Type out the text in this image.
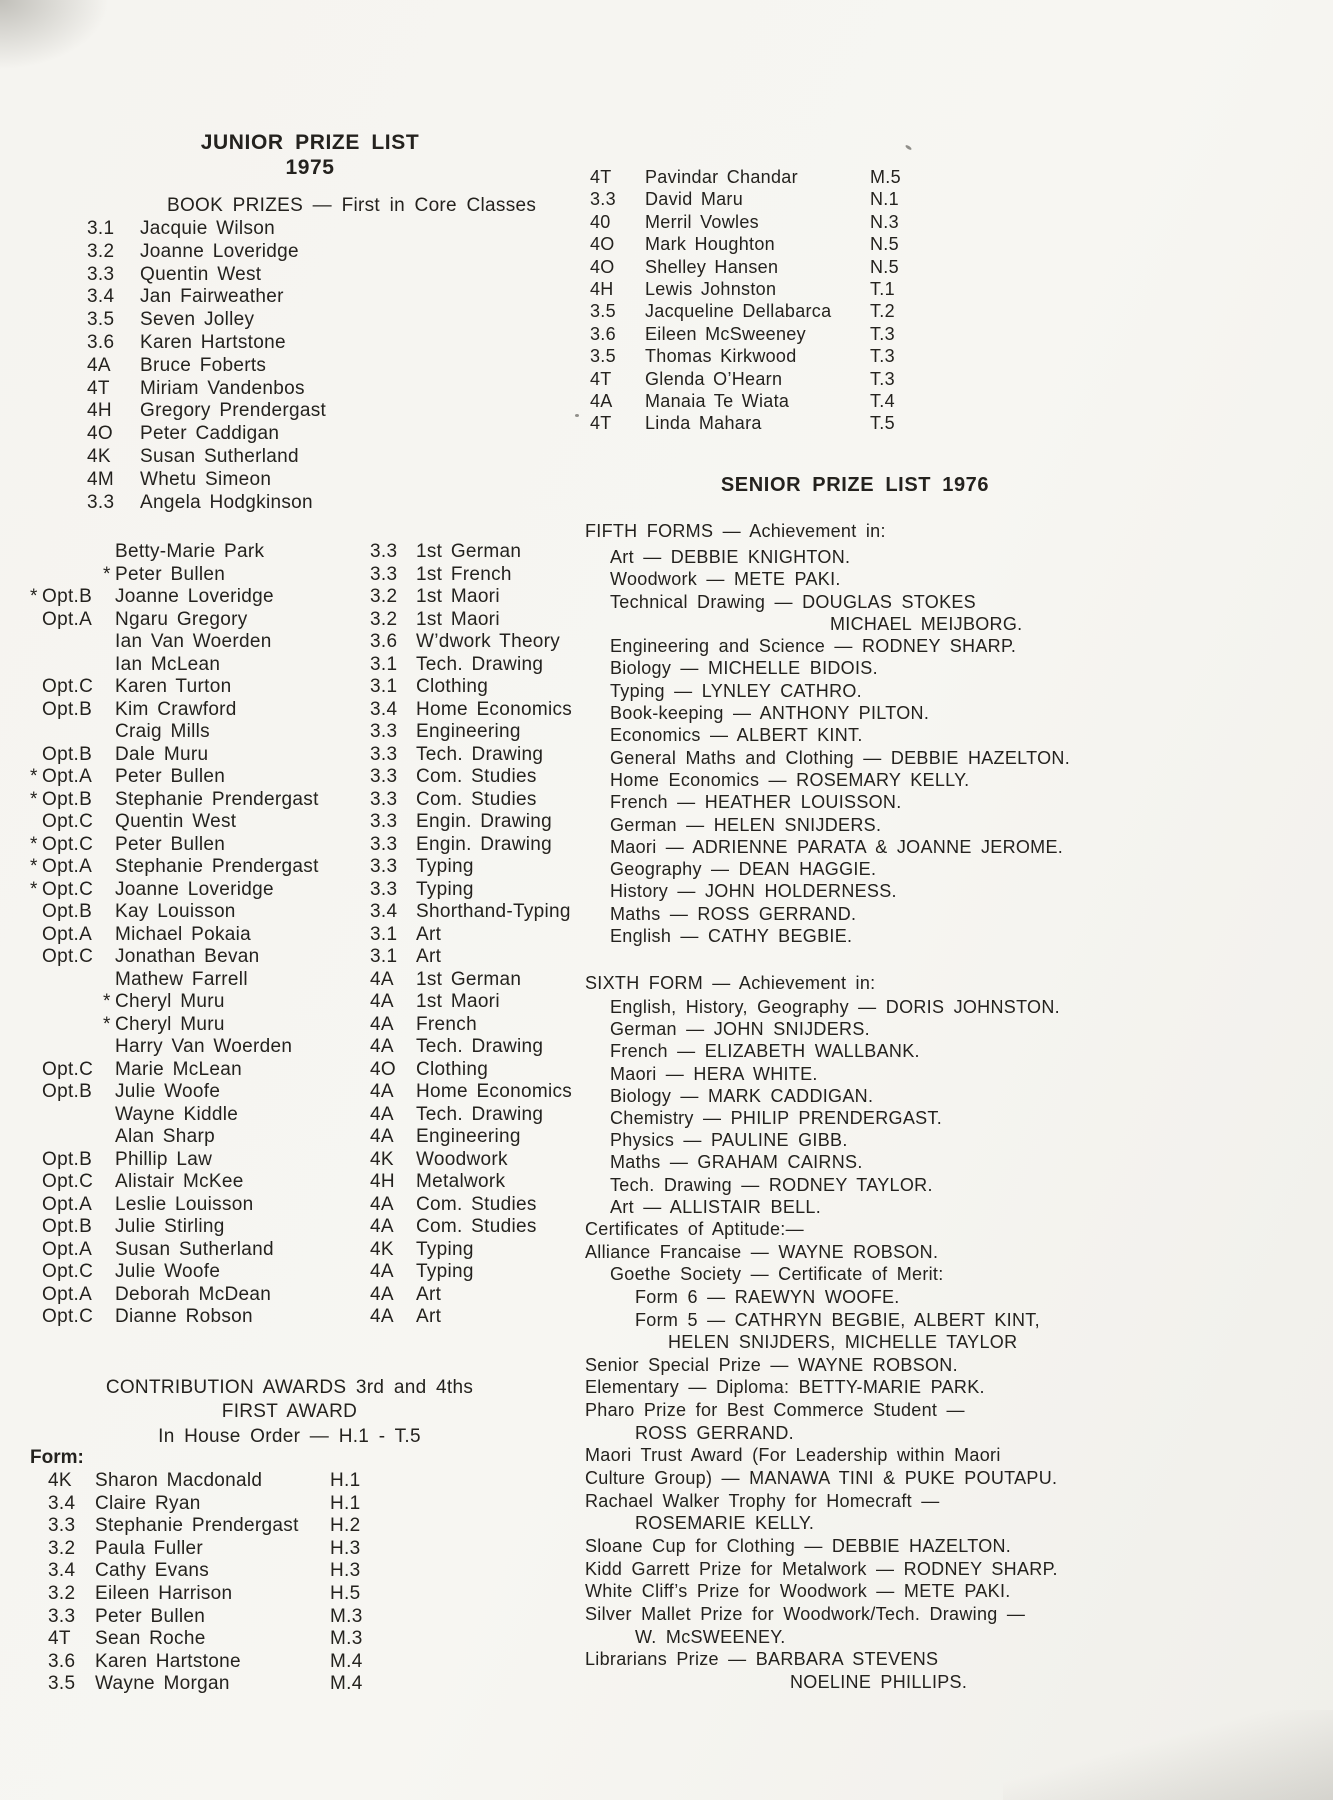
JUNIOR PRIZE LIST
1975
BOOK PRIZES — First in Core Classes
3.1	Jacquie Wilson
3.2	Joanne Loveridge
3.3	Quentin West
3.4	Jan Fairweather
3.5	Seven Jolley
3.6	Karen Hartstone
4A	Bruce Foberts
4T	Miriam Vandenbos
4H	Gregory Prendergast
4O	Peter Caddigan
4K	Susan Sutherland
4M	Whetu Simeon
3.3	Angela Hodgkinson
Betty-Marie Park	3.3 1st German
* Peter Bullen	3.3 1st French
* Opt.B	Joanne Loveridge	3.2 1st Maori
Opt.A	Ngaru Gregory	3.2 1st Maori
Ian Van Woerden	3.6 W’dwork Theory
Ian McLean	3.1 Tech. Drawing
Opt.C	Karen Turton	3.1 Clothing
Opt.B	Kim Crawford	3.4 Home Economics
Craig Mills	3.3 Engineering
Opt.B	Dale Muru	3.3 Tech. Drawing
* Opt.A	Peter Bullen	3.3 Com. Studies
* Opt.B	Stephanie Prendergast	3.3 Com. Studies
Opt.C	Quentin West	3.3 Engin. Drawing
* Opt.C	Peter Bullen	3.3 Engin. Drawing
* Opt.A	Stephanie Prendergast	3.3 Typing
* Opt.C	Joanne Loveridge	3.3 Typing
Opt.B	Kay Louisson	3.4 Shorthand-Typing
Opt.A	Michael Pokaia	3.1 Art
Opt.C	Jonathan Bevan	3.1 Art
Mathew Farrell	4A	1st German
* Cheryl Muru	4A	1st Maori
* Cheryl Muru	4A	French
Harry Van Woerden	4A	Tech. Drawing
Opt.C	Marie McLean	4O	Clothing
Opt.B	Julie Woofe	4A	Home Economics
Wayne Kiddle	4A	Tech. Drawing
Alan Sharp	4A	Engineering
Opt.B	Phillip Law	4K	Woodwork
Opt.C	Alistair McKee	4H	Metalwork
Opt.A	Leslie Louisson	4A	Com. Studies
Opt.B	Julie Stirling	4A	Com. Studies
Opt.A	Susan Sutherland	4K	Typing
Opt.C	Julie Woofe	4A	Typing
Opt.A	Deborah McDean	4A	Art
Opt.C	Dianne Robson	4A	Art
CONTRIBUTION AWARDS 3rd and 4ths
FIRST AWARD
In House Order — H.1 - T.5
Form:
4K	Sharon Macdonald	H.1
3.4	Claire Ryan	H.1
3.3	Stephanie Prendergast	H.2
3.2	Paula Fuller	H.3
3.4	Cathy Evans	H.3
3.2	Eileen Harrison	H.5
3.3	Peter Bullen	M.3
4T	Sean Roche	M.3
3.6	Karen Hartstone	M.4
3.5	Wayne Morgan	M.4
4T	Pavindar Chandar	M.5
3.3	David Maru	N.1
40	Merril Vowles	N.3
4O	Mark Houghton	N.5
4O	Shelley Hansen	N.5
4H	Lewis Johnston	T.1
3.5	Jacqueline Dellabarca	T.2
3.6	Eileen McSweeney	T.3
3.5	Thomas Kirkwood	T.3
4T	Glenda O’Hearn	T.3
4A	Manaia Te Wiata	T.4
4T	Linda Mahara	T.5
SENIOR PRIZE LIST 1976
FIFTH FORMS — Achievement in:
Art — DEBBIE KNIGHTON.
Woodwork — METE PAKI.
Technical Drawing — DOUGLAS STOKES
MICHAEL MEIJBORG.
Engineering and Science — RODNEY SHARP.
Biology — MICHELLE BIDOIS.
Typing — LYNLEY CATHRO.
Book-keeping — ANTHONY PILTON.
Economics — ALBERT KINT.
General Maths and Clothing — DEBBIE HAZELTON.
Home Economics — ROSEMARY KELLY.
French — HEATHER LOUISSON.
German — HELEN SNIJDERS.
Maori — ADRIENNE PARATA & JOANNE JEROME.
Geography — DEAN HAGGIE.
History — JOHN HOLDERNESS.
Maths — ROSS GERRAND.
English — CATHY BEGBIE.
SIXTH FORM — Achievement in:
English, History, Geography — DORIS JOHNSTON.
German — JOHN SNIJDERS.
French — ELIZABETH WALLBANK.
Maori — HERA WHITE.
Biology — MARK CADDIGAN.
Chemistry — PHILIP PRENDERGAST.
Physics — PAULINE GIBB.
Maths — GRAHAM CAIRNS.
Tech. Drawing — RODNEY TAYLOR.
Art — ALLISTAIR BELL.
Certificates of Aptitude:—
Alliance Francaise — WAYNE ROBSON.
Goethe Society — Certificate of Merit:
Form 6 — RAEWYN WOOFE.
Form 5 — CATHRYN BEGBIE, ALBERT KINT,
HELEN SNIJDERS, MICHELLE TAYLOR
Senior Special Prize — WAYNE ROBSON.
Elementary — Diploma: BETTY-MARIE PARK.
Pharo Prize for Best Commerce Student —
ROSS GERRAND.
Maori Trust Award (For Leadership within Maori
Culture Group) — MANAWA TINI & PUKE POUTAPU.
Rachael Walker Trophy for Homecraft —
ROSEMARIE KELLY.
Sloane Cup for Clothing — DEBBIE HAZELTON.
Kidd Garrett Prize for Metalwork — RODNEY SHARP.
White Cliff’s Prize for Woodwork — METE PAKI.
Silver Mallet Prize for Woodwork/Tech. Drawing —
W. McSWEENEY.
Librarians Prize — BARBARA STEVENS
NOELINE PHILLIPS.
